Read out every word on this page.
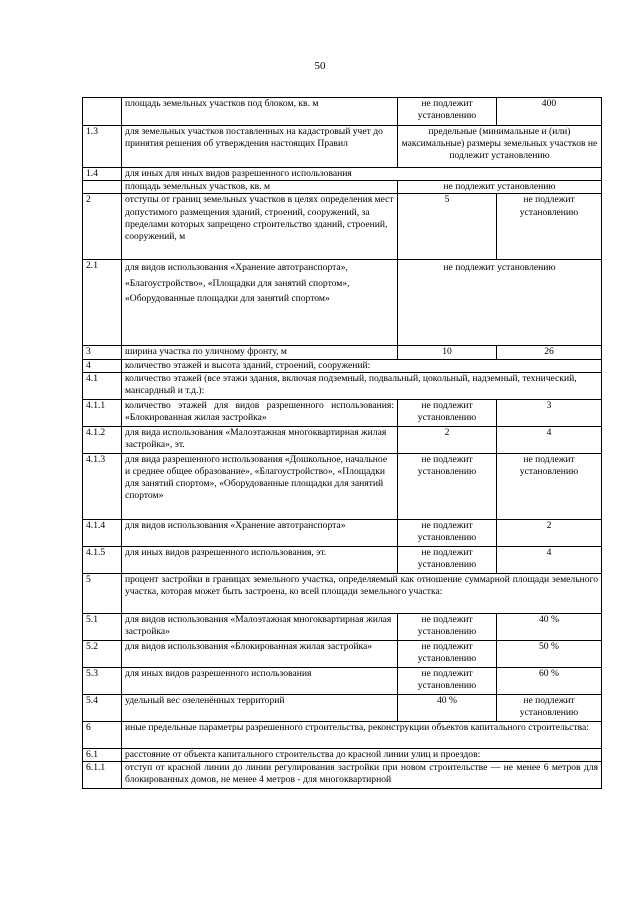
50
	площадь земельных участков под блоком, кв. м	не подлежит установлению	400
1.3	для земельных участков поставленных на кадастровый учет до принятия решения об утверждения настоящих Правил	предельные (минимальные и (или) максимальные) размеры земельных участков не подлежит установлению	
1.4	для иных для иных видов разрешенного использования		
	площадь земельных участков, кв. м	не подлежит установлению	
2	отступы от границ земельных участков в целях определения мест допустимого размещения зданий, строений, сооружений, за пределами которых запрещено строительство зданий, строений, сооружений, м	5	не подлежит установлению
2.1	для видов использования «Хранение автотранспорта», «Благоустройство», «Площадки для занятий спортом», «Оборудованные площадки для занятий спортом»	не подлежит установлению	
3	ширина участка по уличному фронту, м	10	26
4	количество этажей и высота зданий, строений, сооружений:		
4.1	количество этажей (все этажи здания, включая подземный, подвальный, цокольный, надземный, технический, мансардный и т.д.):		
4.1.1	количество этажей для видов разрешенного использования: «Блокированная жилая застройка»	не подлежит установлению	3
4.1.2	для вида использования «Малоэтажная многоквартирная жилая застройка», эт.	2	4
4.1.3	для вида разрешенного использования «Дошкольное, начальное и среднее общее образование», «Благоустройство», «Площадки для занятий спортом», «Оборудованные площадки для занятий спортом»	не подлежит установлению	не подлежит установлению
4.1.4	для видов использования «Хранение автотранспорта»	не подлежит установлению	2
4.1.5	для иных видов разрешенного использования, эт.	не подлежит установлению	4
5	процент застройки в границах земельного участка, определяемый как отношение суммарной площади земельного участка, которая может быть застроена, ко всей площади земельного участка:		
5.1	для видов использования «Малоэтажная многоквартирная жилая застройка»	не подлежит установлению	40 %
5.2	для видов использования «Блокированная жилая застройка»	не подлежит установлению	50 %
5.3	для иных видов разрешенного использования	не подлежит установлению	60 %
5.4	удельный вес озеленённых территорий	40 %	не подлежит установлению
6	иные предельные параметры разрешенного строительства, реконструкции объектов капитального строительства:		
6.1	расстояние от объекта капитального строительства до красной линии улиц и проездов:		
6.1.1	отступ от красной линии до линии регулирования застройки при новом строительстве — не менее 6 метров для блокированных домов, не менее 4 метров - для многоквартирной		
